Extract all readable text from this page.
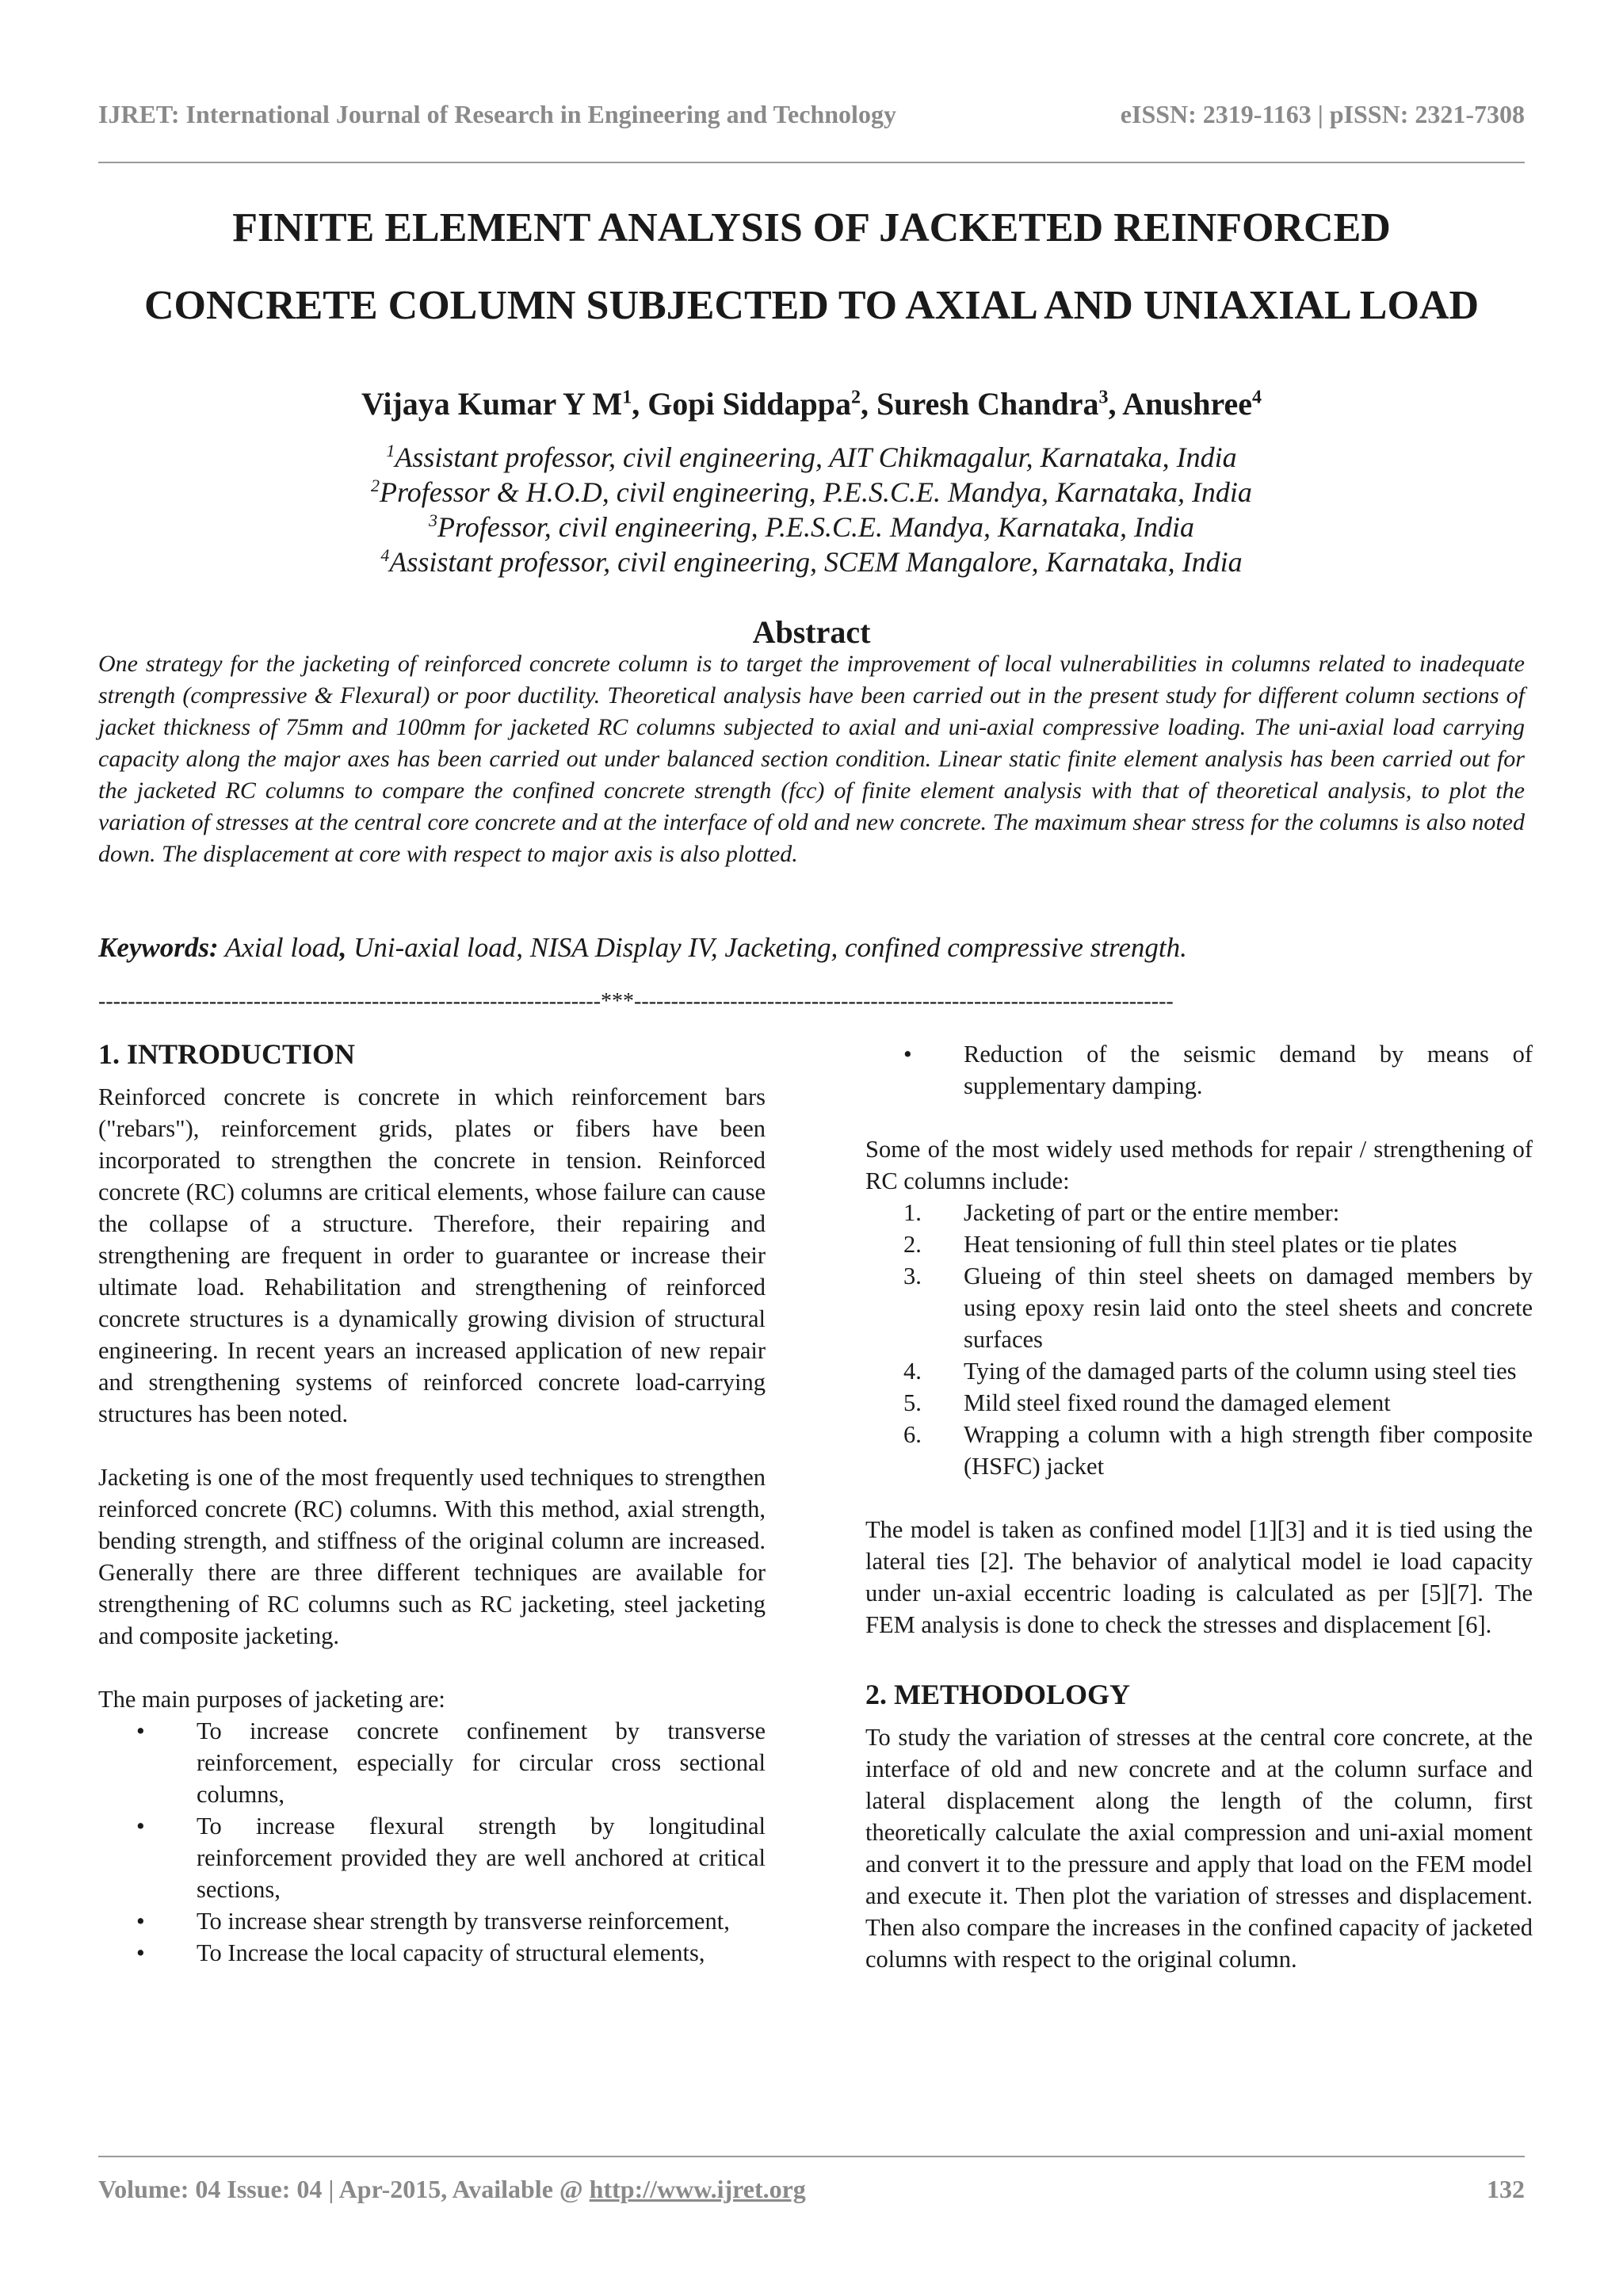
IJRET: International Journal of Research in Engineering and Technology	eISSN: 2319-1163 | pISSN: 2321-7308
FINITE ELEMENT ANALYSIS OF JACKETED REINFORCED
CONCRETE COLUMN SUBJECTED TO AXIAL AND UNIAXIAL LOAD
Vijaya Kumar Y $M^1$, Gopi Siddappa$^2$, Suresh Chandra$^3$, Anushree$^4$
$^1$Assistant professor, civil engineering, AIT Chikmagalur, Karnataka, India
$^2$Professor & H.O.D, civil engineering, P.E.S.C.E. Mandya, Karnataka, India
$^3$Professor, civil engineering, P.E.S.C.E. Mandya, Karnataka, India
$^4$Assistant professor, civil engineering, SCEM Mangalore, Karnataka, India
Abstract
One strategy for the jacketing of reinforced concrete column is to target the improvement of local vulnerabilities in columns related to inadequate strength (compressive & Flexural) or poor ductility. Theoretical analysis have been carried out in the present study for different column sections of jacket thickness of 75mm and 100mm for jacketed RC columns subjected to axial and uni-axial compressive loading. The uni-axial load carrying capacity along the major axes has been carried out under balanced section condition. Linear static finite element analysis has been carried out for the jacketed RC columns to compare the confined concrete strength (fcc) of finite element analysis with that of theoretical analysis, to plot the variation of stresses at the central core concrete and at the interface of old and new concrete. The maximum shear stress for the columns is also noted down. The displacement at core with respect to major axis is also plotted.
Keywords: Axial load, Uni-axial load, NISA Display IV, Jacketing, confined compressive strength.
--------------------------------------------------------------------***-------------------------------------------------------------------------
1. INTRODUCTION
Reinforced concrete is concrete in which reinforcement bars ("rebars"), reinforcement grids, plates or fibers have been incorporated to strengthen the concrete in tension. Reinforced concrete (RC) columns are critical elements, whose failure can cause the collapse of a structure. Therefore, their repairing and strengthening are frequent in order to guarantee or increase their ultimate load. Rehabilitation and strengthening of reinforced concrete structures is a dynamically growing division of structural engineering. In recent years an increased application of new repair and strengthening systems of reinforced concrete load-carrying structures has been noted.
Jacketing is one of the most frequently used techniques to strengthen reinforced concrete (RC) columns. With this method, axial strength, bending strength, and stiffness of the original column are increased. Generally there are three different techniques are available for strengthening of RC columns such as RC jacketing, steel jacketing and composite jacketing.
The main purposes of jacketing are:
• To increase concrete confinement by transverse reinforcement, especially for circular cross sectional columns,
• To increase flexural strength by longitudinal reinforcement provided they are well anchored at critical sections,
• To increase shear strength by transverse reinforcement,
• To Increase the local capacity of structural elements,
• Reduction of the seismic demand by means of supplementary damping.
Some of the most widely used methods for repair / strengthening of RC columns include:
1. Jacketing of part or the entire member:
2. Heat tensioning of full thin steel plates or tie plates
3. Glueing of thin steel sheets on damaged members by using epoxy resin laid onto the steel sheets and concrete surfaces
4. Tying of the damaged parts of the column using steel ties
5. Mild steel fixed round the damaged element
6. Wrapping a column with a high strength fiber composite (HSFC) jacket
The model is taken as confined model [1][3] and it is tied using the lateral ties [2]. The behavior of analytical model ie load capacity under un-axial eccentric loading is calculated as per [5][7]. The FEM analysis is done to check the stresses and displacement [6].
2. METHODOLOGY
To study the variation of stresses at the central core concrete, at the interface of old and new concrete and at the column surface and lateral displacement along the length of the column, first theoretically calculate the axial compression and uni-axial moment and convert it to the pressure and apply that load on the FEM model and execute it. Then plot the variation of stresses and displacement. Then also compare the increases in the confined capacity of jacketed columns with respect to the original column.
Volume: 04 Issue: 04 | Apr-2015, Available @ http://www.ijret.org	132
